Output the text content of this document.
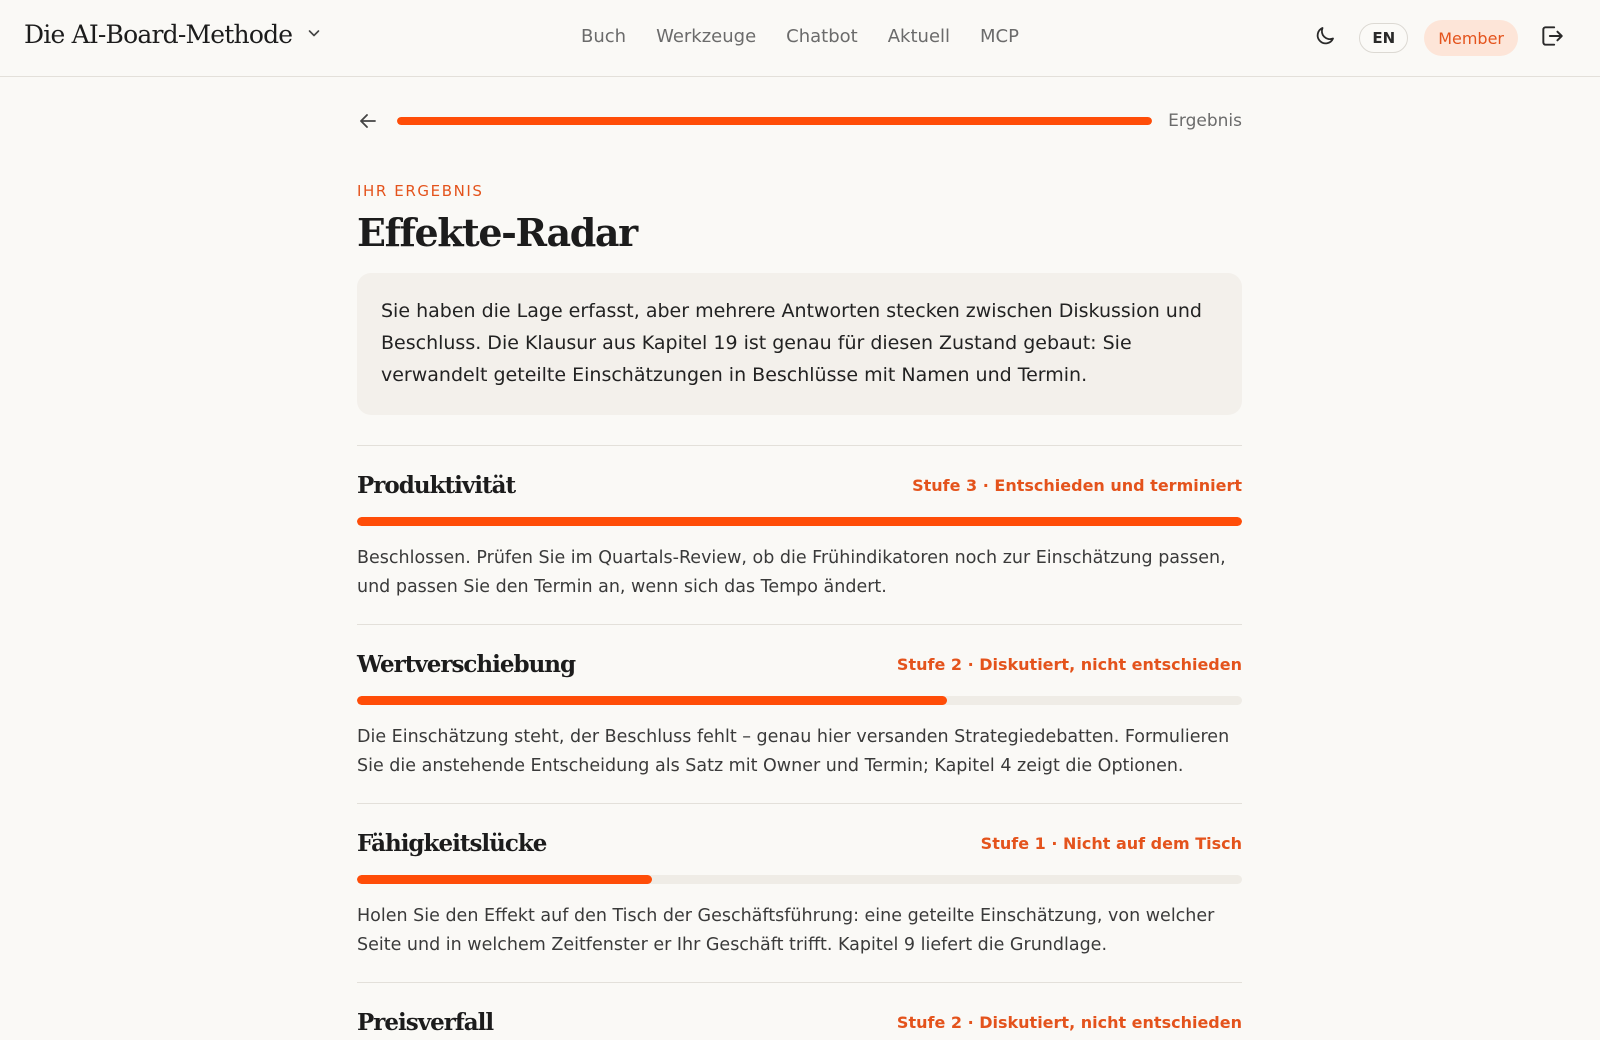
Die AI-Board-Methode	Buch Werkzeuge Chatbot Aktuell MCP	EN	Member
Ergebnis
IHR ERGEBNIS
Effekte-Radar
Sie haben die Lage erfasst, aber mehrere Antworten stecken zwischen Diskussion und Beschluss. Die Klausur aus Kapitel 19 ist genau für diesen Zustand gebaut: Sie verwandelt geteilte Einschätzungen in Beschlüsse mit Namen und Termin.
Produktivität	Stufe 3 · Entschieden und terminiert

Beschlossen. Prüfen Sie im Quartals-Review, ob die Frühindikatoren noch zur Einschätzung passen, und passen Sie den Termin an, wenn sich das Tempo ändert.

Wertverschiebung	Stufe 2 · Diskutiert, nicht entschieden

Die Einschätzung steht, der Beschluss fehlt – genau hier versanden Strategiedebatten. Formulieren Sie die anstehende Entscheidung als Satz mit Owner und Termin; Kapitel 4 zeigt die Optionen.

Fähigkeitslücke	Stufe 1 · Nicht auf dem Tisch

Holen Sie den Effekt auf den Tisch der Geschäftsführung: eine geteilte Einschätzung, von welcher Seite und in welchem Zeitfenster er Ihr Geschäft trifft. Kapitel 9 liefert die Grundlage.

Preisverfall	Stufe 2 · Diskutiert, nicht entschieden
